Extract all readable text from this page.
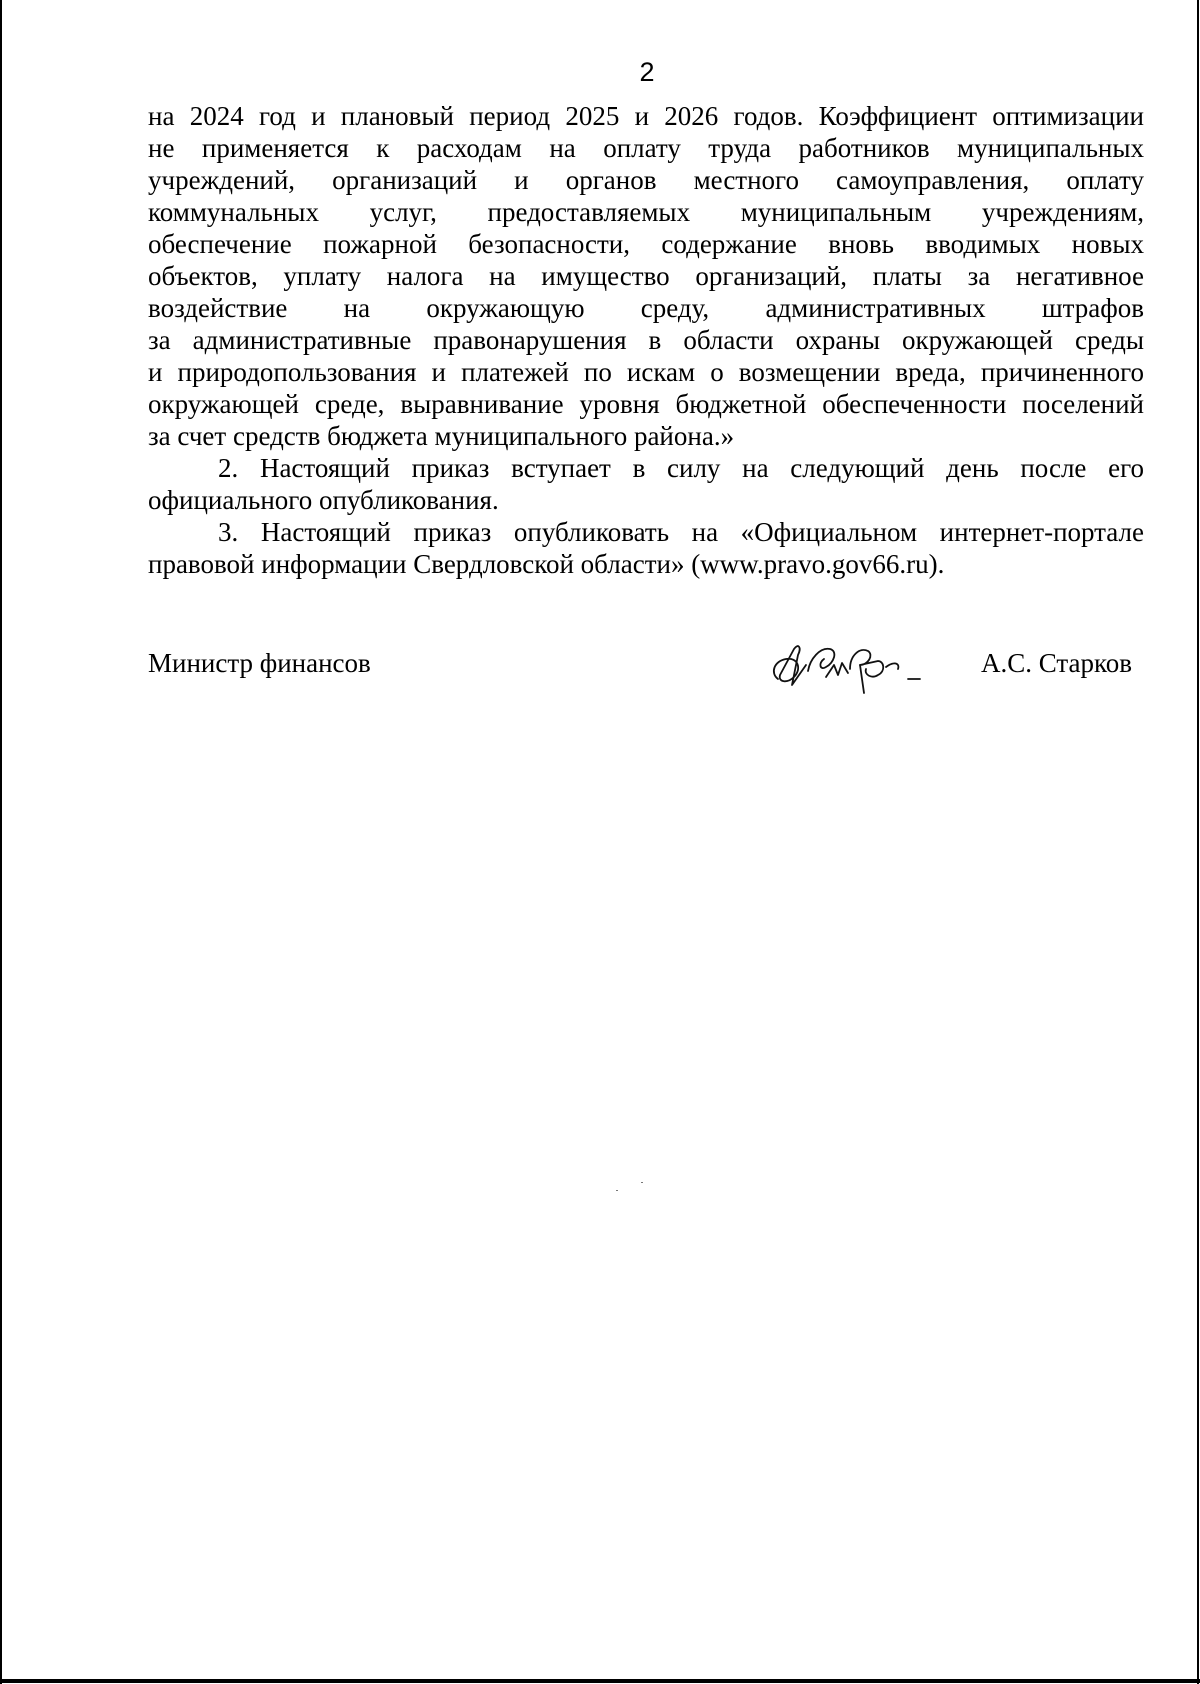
2
на 2024 год и плановый период 2025 и 2026 годов. Коэффициент оптимизации
не применяется к расходам на оплату труда работников муниципальных
учреждений, организаций и органов местного самоуправления, оплату
коммунальных услуг, предоставляемых муниципальным учреждениям,
обеспечение пожарной безопасности, содержание вновь вводимых новых
объектов, уплату налога на имущество организаций, платы за негативное
воздействие на окружающую среду, административных штрафов
за административные правонарушения в области охраны окружающей среды
и природопользования и платежей по искам о возмещении вреда, причиненного
окружающей среде, выравнивание уровня бюджетной обеспеченности поселений
за счет средств бюджета муниципального района.»
2. Настоящий приказ вступает в силу на следующий день после его
официального опубликования.
3. Настоящий приказ опубликовать на «Официальном интернет-портале
правовой информации Свердловской области» (www.pravo.gov66.ru).
Министр финансов	А.С. Старков
